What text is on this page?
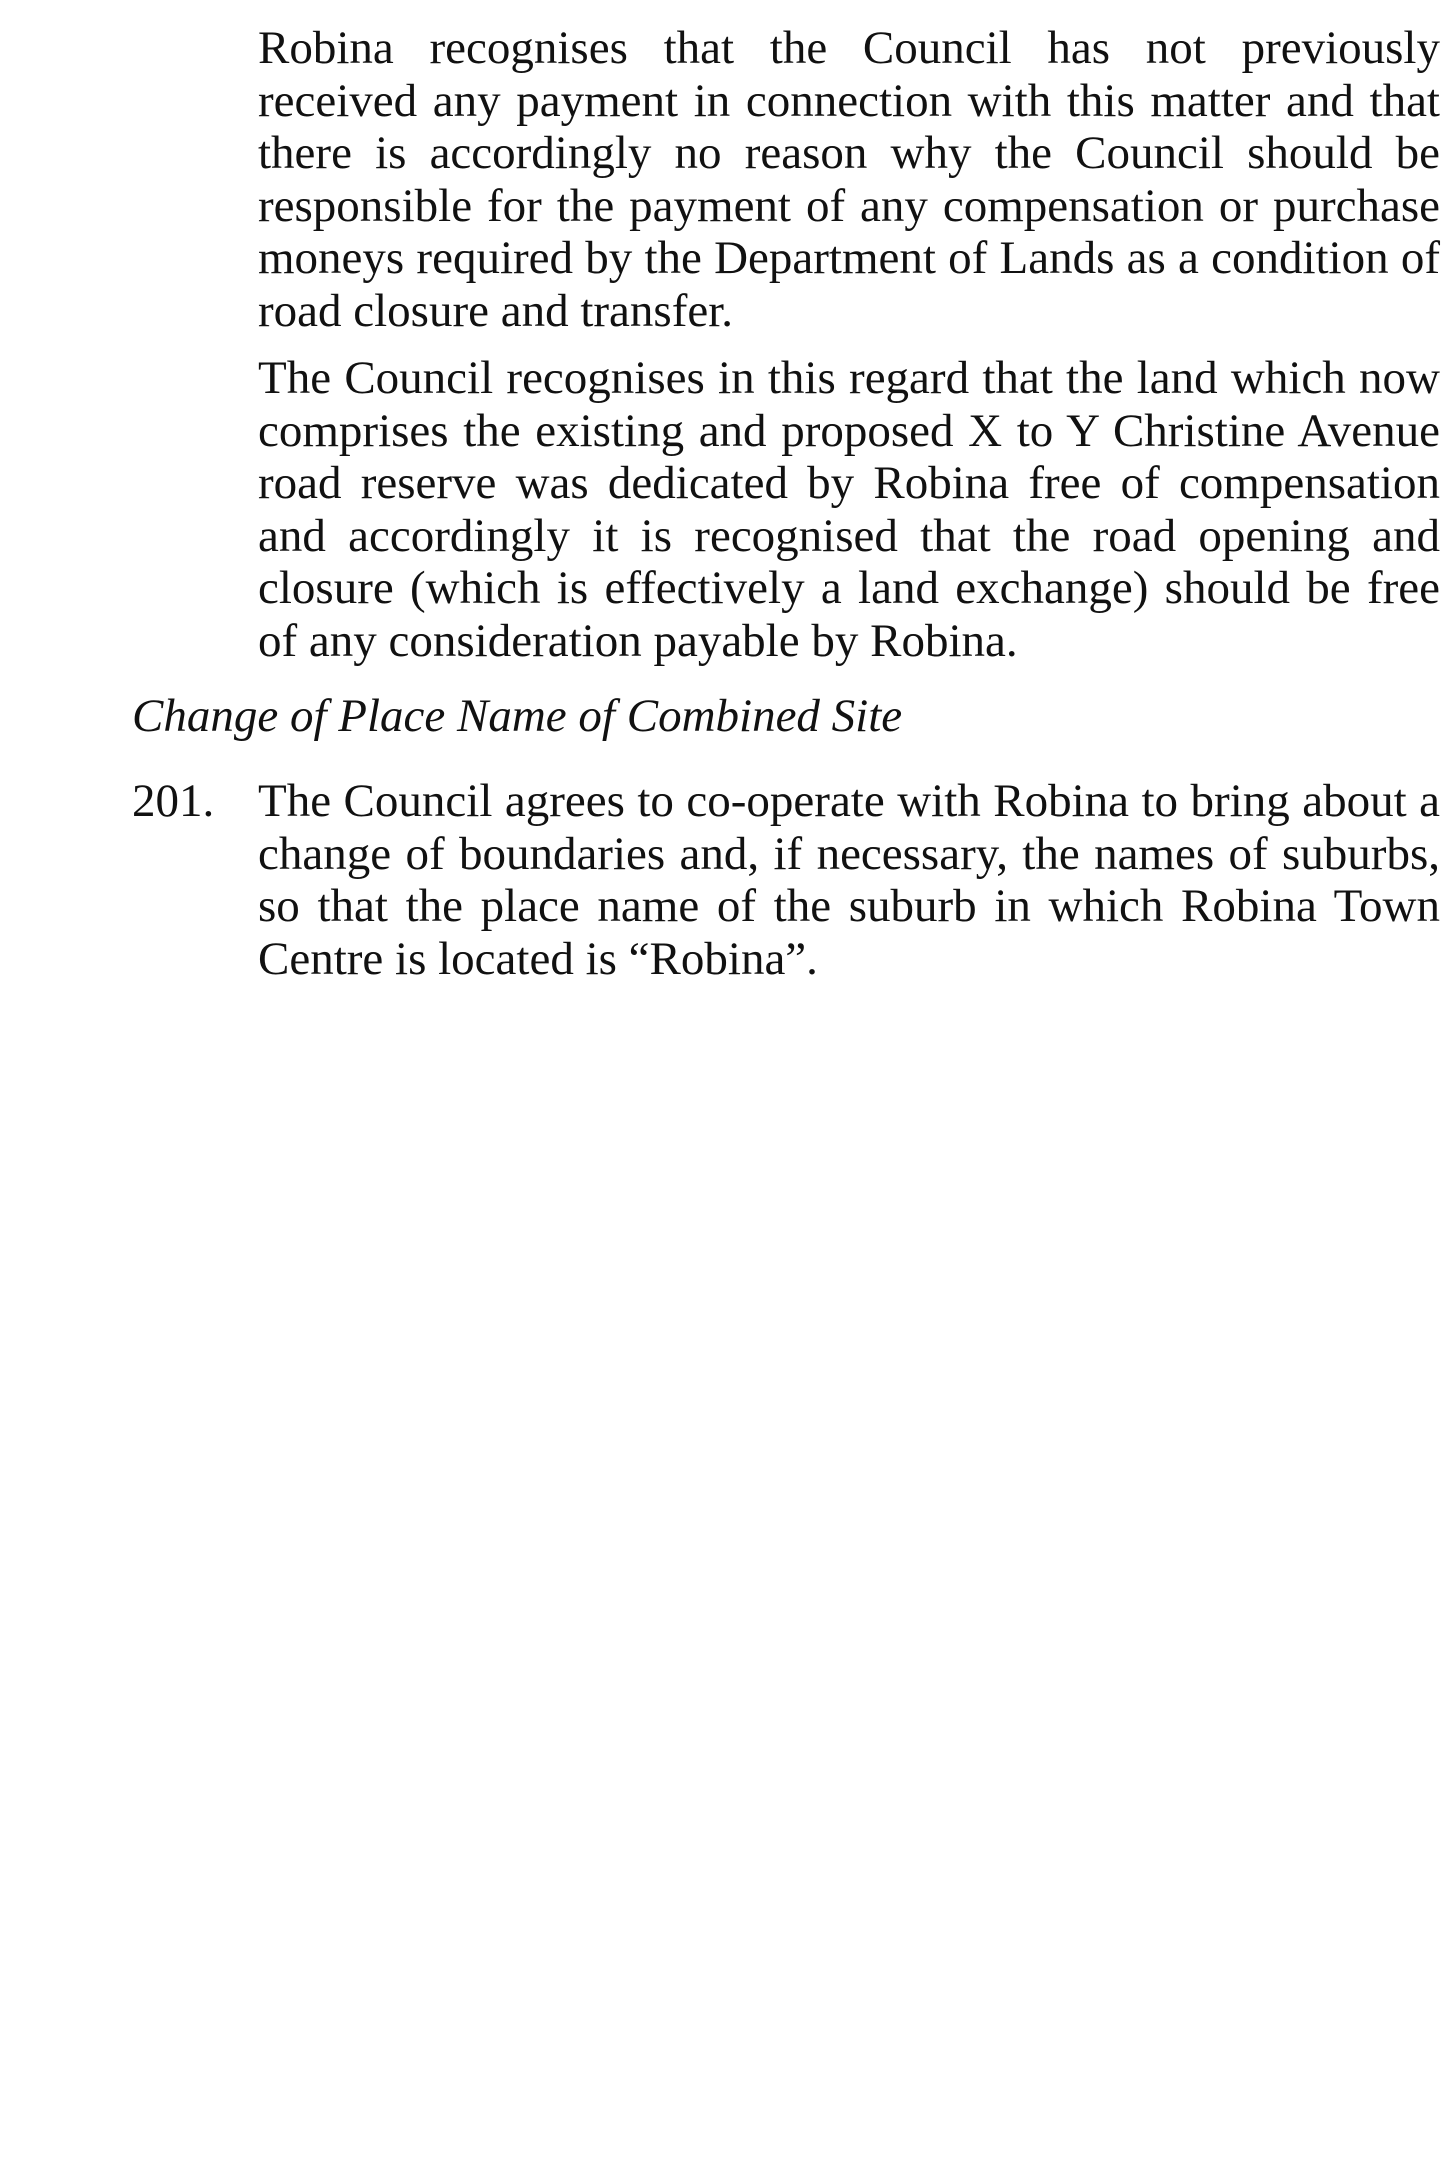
Robina recognises that the Council has not previously received any payment in connection with this matter and that there is accordingly no reason why the Council should be responsible for the payment of any compensation or purchase moneys required by the Department of Lands as a condition of road closure and transfer.

The Council recognises in this regard that the land which now comprises the existing and proposed X to Y Christine Avenue road reserve was dedicated by Robina free of compensation and accordingly it is recognised that the road opening and closure (which is effectively a land exchange) should be free of any consideration payable by Robina.

Change of Place Name of Combined Site

201. The Council agrees to co-operate with Robina to bring about a change of boundaries and, if necessary, the names of suburbs, so that the place name of the suburb in which Robina Town Centre is located is “Robina”.
